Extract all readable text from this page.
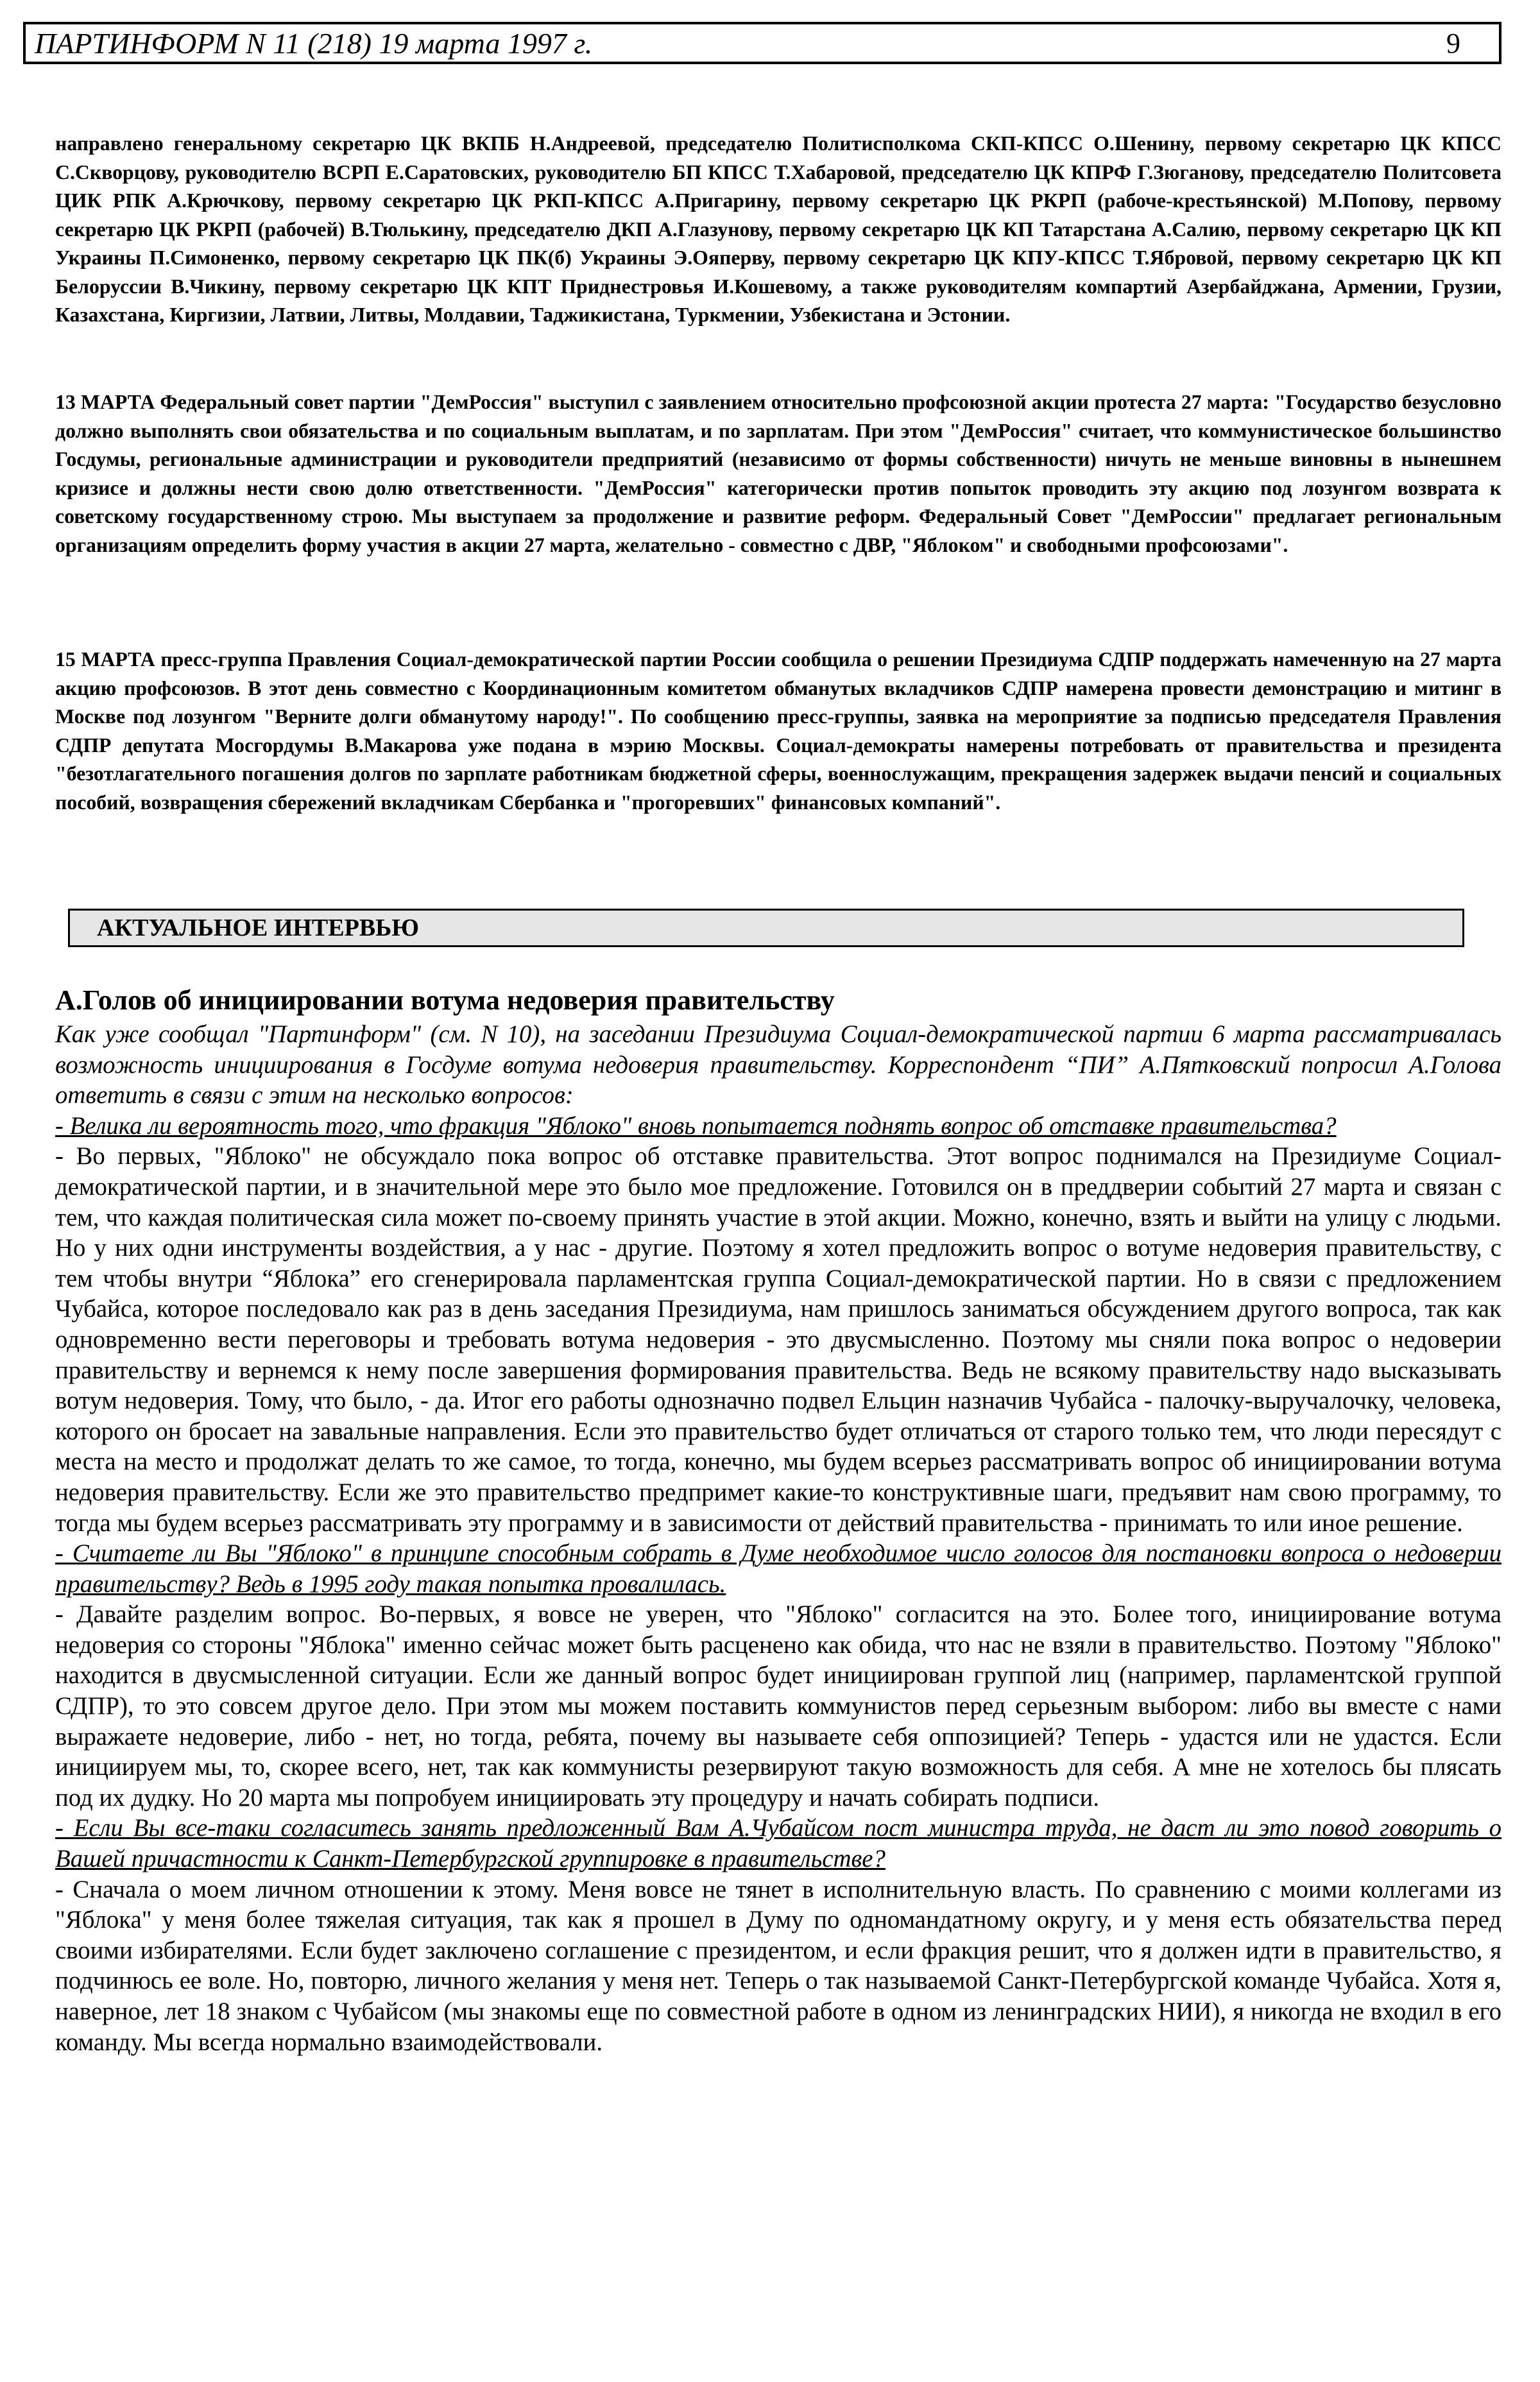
ПАРТИНФОРМ N 11 (218) 19 марта 1997 г.	9
направлено генеральному секретарю ЦК ВКПБ Н.Андреевой, председателю Политисполкома СКП-КПСС О.Шенину, первому секретарю ЦК КПСС С.Скворцову, руководителю ВСРП Е.Саратовских, руководителю БП КПСС Т.Хабаровой, председателю ЦК КПРФ Г.Зюганову, председателю Политсовета ЦИК РПК А.Крючкову, первому секретарю ЦК РКП-КПСС А.Пригарину, первому секретарю ЦК РКРП (рабоче-крестьянской) М.Попову, первому секретарю ЦК РКРП (рабочей) В.Тюлькину, председателю ДКП А.Глазунову, первому секретарю ЦК КП Татарстана А.Салию, первому секретарю ЦК КП Украины П.Симоненко, первому секретарю ЦК ПК(б) Украины Э.Ояперву, первому секретарю ЦК КПУ-КПСС Т.Ябровой, первому секретарю ЦК КП Белоруссии В.Чикину, первому секретарю ЦК КПТ Приднестровья И.Кошевому, а также руководителям компартий Азербайджана, Армении, Грузии, Казахстана, Киргизии, Латвии, Литвы, Молдавии, Таджикистана, Туркмении, Узбекистана и Эстонии.
13 МАРТА Федеральный совет партии "ДемРоссия" выступил с заявлением относительно профсоюзной акции протеста 27 марта: "Государство безусловно должно выполнять свои обязательства и по социальным выплатам, и по зарплатам. При этом "ДемРоссия" считает, что коммунистическое большинство Госдумы, региональные администрации и руководители предприятий (независимо от формы собственности) ничуть не меньше виновны в нынешнем кризисе и должны нести свою долю ответственности. "ДемРоссия" категорически против попыток проводить эту акцию под лозунгом возврата к советскому государственному строю. Мы выступаем за продолжение и развитие реформ. Федеральный Совет "ДемРоссии" предлагает региональным организациям определить форму участия в акции 27 марта, желательно - совместно с ДВР, "Яблоком" и свободными профсоюзами".
15 МАРТА пресс-группа Правления Социал-демократической партии России сообщила о решении Президиума СДПР поддержать намеченную на 27 марта акцию профсоюзов. В этот день совместно с Координационным комитетом обманутых вкладчиков СДПР намерена провести демонстрацию и митинг в Москве под лозунгом "Верните долги обманутому народу!". По сообщению пресс-группы, заявка на мероприятие за подписью председателя Правления СДПР депутата Мосгордумы В.Макарова уже подана в мэрию Москвы. Социал-демократы намерены потребовать от правительства и президента "безотлагательного погашения долгов по зарплате работникам бюджетной сферы, военнослужащим, прекращения задержек выдачи пенсий и социальных пособий, возвращения сбережений вкладчикам Сбербанка и "прогоревших" финансовых компаний".
АКТУАЛЬНОЕ ИНТЕРВЬЮ
А.Голов об инициировании вотума недоверия правительству

Как уже сообщал "Партинформ" (см. N 10), на заседании Президиума Социал-демократической партии 6 марта рассматривалась возможность инициирования в Госдуме вотума недоверия правительству. Корреспондент “ПИ” А.Пятковский попросил А.Голова ответить в связи с этим на несколько вопросов:

- Велика ли вероятность того, что фракция "Яблоко" вновь попытается поднять вопрос об отставке правительства?

- Во первых, "Яблоко" не обсуждало пока вопрос об отставке правительства. Этот вопрос поднимался на Президиуме Социал-демократической партии, и в значительной мере это было мое предложение. Готовился он в преддверии событий 27 марта и связан с тем, что каждая политическая сила может по-своему принять участие в этой акции. Можно, конечно, взять и выйти на улицу с людьми. Но у них одни инструменты воздействия, а у нас - другие. Поэтому я хотел предложить вопрос о вотуме недоверия правительству, с тем чтобы внутри “Яблока” его сгенерировала парламентская группа Социал-демократической партии. Но в связи с предложением Чубайса, которое последовало как раз в день заседания Президиума, нам пришлось заниматься обсуждением другого вопроса, так как одновременно вести переговоры и требовать вотума недоверия - это двусмысленно. Поэтому мы сняли пока вопрос о недоверии правительству и вернемся к нему после завершения формирования правительства. Ведь не всякому правительству надо высказывать вотум недоверия. Тому, что было, - да. Итог его работы однозначно подвел Ельцин назначив Чубайса - палочку-выручалочку, человека, которого он бросает на завальные направления. Если это правительство будет отличаться от старого только тем, что люди пересядут с места на место и продолжат делать то же самое, то тогда, конечно, мы будем всерьез рассматривать вопрос об инициировании вотума недоверия правительству. Если же это правительство предпримет какие-то конструктивные шаги, предъявит нам свою программу, то тогда мы будем всерьез рассматривать эту программу и в зависимости от действий правительства - принимать то или иное решение.

- Считаете ли Вы "Яблоко" в принципе способным собрать в Думе необходимое число голосов для постановки вопроса о недоверии правительству? Ведь в 1995 году такая попытка провалилась.

- Давайте разделим вопрос. Во-первых, я вовсе не уверен, что "Яблоко" согласится на это. Более того, инициирование вотума недоверия со стороны "Яблока" именно сейчас может быть расценено как обида, что нас не взяли в правительство. Поэтому "Яблоко" находится в двусмысленной ситуации. Если же данный вопрос будет инициирован группой лиц (например, парламентской группой СДПР), то это совсем другое дело. При этом мы можем поставить коммунистов перед серьезным выбором: либо вы вместе с нами выражаете недоверие, либо - нет, но тогда, ребята, почему вы называете себя оппозицией? Теперь - удастся или не удастся. Если инициируем мы, то, скорее всего, нет, так как коммунисты резервируют такую возможность для себя. А мне не хотелось бы плясать под их дудку. Но 20 марта мы попробуем инициировать эту процедуру и начать собирать подписи.

- Если Вы все-таки согласитесь занять предложенный Вам А.Чубайсом пост министра труда, не даст ли это повод говорить о Вашей причастности к Санкт-Петербургской группировке в правительстве?

- Сначала о моем личном отношении к этому. Меня вовсе не тянет в исполнительную власть. По сравнению с моими коллегами из "Яблока" у меня более тяжелая ситуация, так как я прошел в Думу по одномандатному округу, и у меня есть обязательства перед своими избирателями. Если будет заключено соглашение с президентом, и если фракция решит, что я должен идти в правительство, я подчинюсь ее воле. Но, повторю, личного желания у меня нет. Теперь о так называемой Санкт-Петербургской команде Чубайса. Хотя я, наверное, лет 18 знаком с Чубайсом (мы знакомы еще по совместной работе в одном из ленинградских НИИ), я никогда не входил в его команду. Мы всегда нормально взаимодействовали.
